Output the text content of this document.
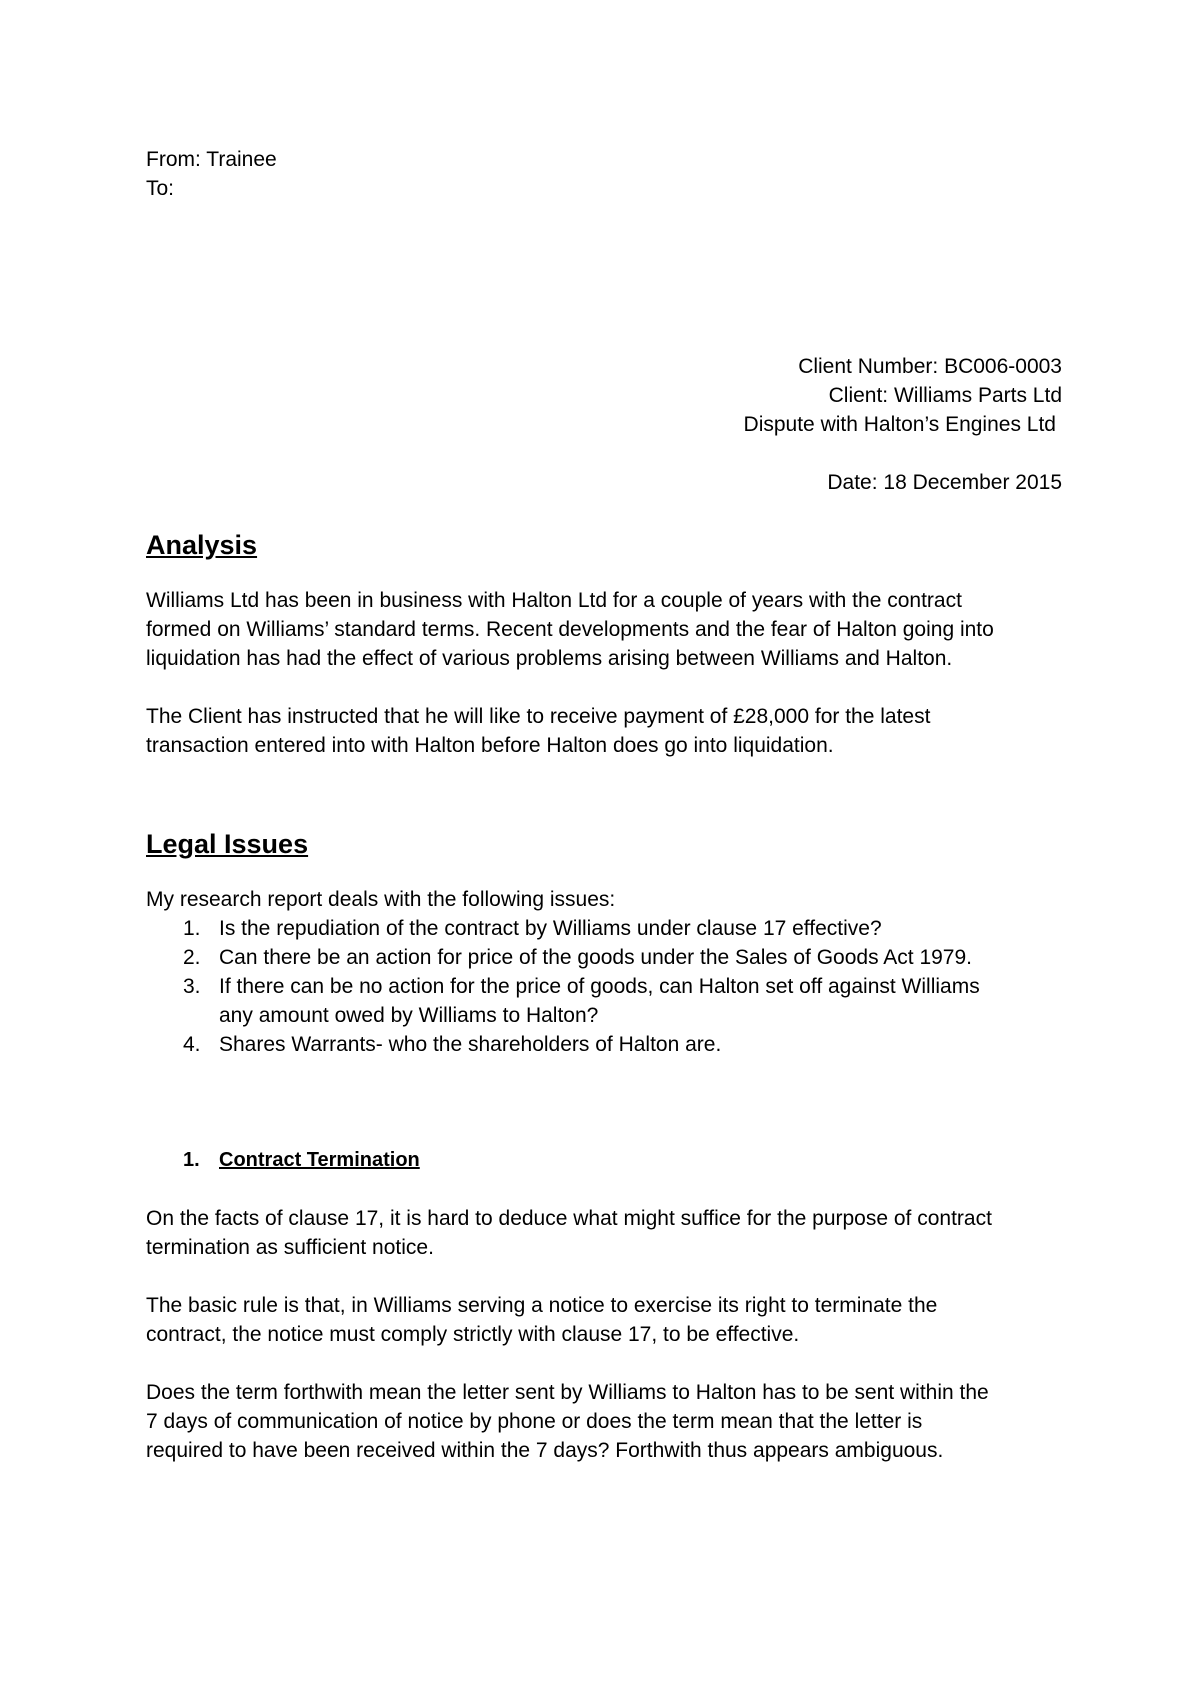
From: Trainee
To:
Client Number: BC006-0003
Client: Williams Parts Ltd
Dispute with Halton’s Engines Ltd
Date: 18 December 2015
Analysis

Williams Ltd has been in business with Halton Ltd for a couple of years with the contract
formed on Williams’ standard terms. Recent developments and the fear of Halton going into
liquidation has had the effect of various problems arising between Williams and Halton.

The Client has instructed that he will like to receive payment of £28,000 for the latest
transaction entered into with Halton before Halton does go into liquidation.

Legal Issues

My research report deals with the following issues:

1. Is the repudiation of the contract by Williams under clause 17 effective?
2. Can there be an action for price of the goods under the Sales of Goods Act 1979.
3. If there can be no action for the price of goods, can Halton set off against Williams
any amount owed by Williams to Halton?
4. Shares Warrants- who the shareholders of Halton are.
1. Contract Termination

On the facts of clause 17, it is hard to deduce what might suffice for the purpose of contract
termination as sufficient notice.

The basic rule is that, in Williams serving a notice to exercise its right to terminate the
contract, the notice must comply strictly with clause 17, to be effective.

Does the term forthwith mean the letter sent by Williams to Halton has to be sent within the
7 days of communication of notice by phone or does the term mean that the letter is
required to have been received within the 7 days? Forthwith thus appears ambiguous.
